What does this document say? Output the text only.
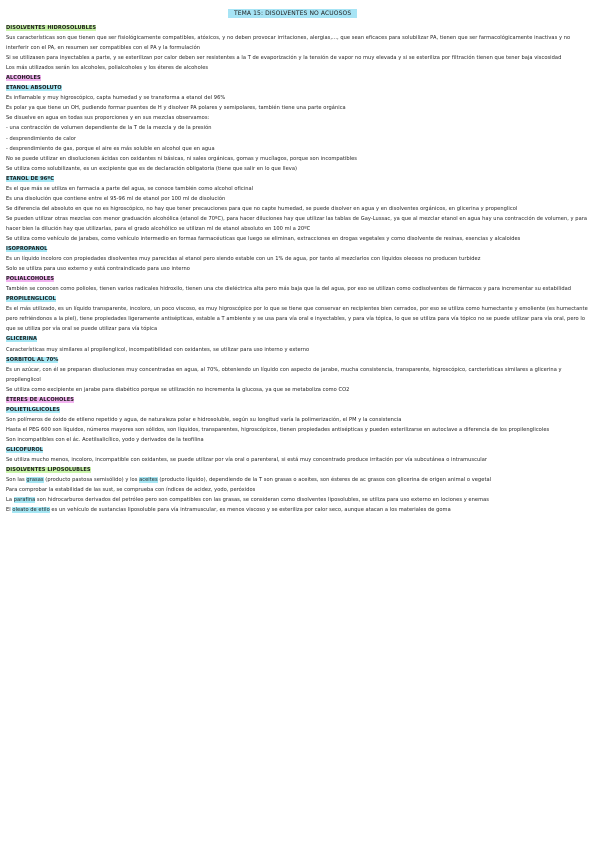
TEMA 15: DISOLVENTES NO ACUOSOS
DISOLVENTES HIDROSOLUBLES
Sus características son que tienen que ser fisiológicamente compatibles, atóxicos, y no deben provocar irritaciones, alergias,..., que sean eficaces para solubilizar PA, tienen que ser farmacológicamente inactivas y no interferir con el PA, en resumen ser compatibles con el PA y la formulación
Si se utilizasen para inyectables a parte, y se esterilizan por calor deben ser resistentes a la T de evaporización y la tensión de vapor no muy elevada y si se esteriliza por filtración tienen que tener baja viscosidad
Los más utilizados serán los alcoholes, polialcoholes y los éteres de alcoholes
ALCOHOLES
ETANOL ABSOLUTO
Es inflamable y muy higroscópico, capta humedad y se transforma a etanol del 96%
Es polar ya que tiene un OH, pudiendo formar puentes de H y disolver PA polares y semipolares, también tiene una parte orgánica
Se disuelve en agua en todas sus proporciones y en sus mezclas observamos:
- una contracción de volumen dependiente de la T de la mezcla y de la presión
- desprendimiento de calor
- desprendimiento de gas, porque el aire es más soluble en alcohol que en agua
No se puede utilizar en disoluciones ácidas con oxidantes ni básicas, ni sales orgánicas, gomas y mucílagos, porque son incompatibles
Se utiliza como solubilizante, es un excipiente que es de declaración obligatoria (tiene que salir en lo que lleva)
ETANOL DE 96ºC
Es el que más se utiliza en farmacia a parte del agua, se conoce también como alcohol oficinal
Es una disolución que contiene entre el 95-96 ml de etanol por 100 ml de disolución
Se diferencia del absoluto en que no es higroscópico, no hay que tener precauciones para que no capte humedad, se puede disolver en agua y en disolventes orgánicos, en glicerina y propenglicol
Se pueden utilizar otras mezclas con menor graduación alcohólica (etanol de 70ºC), para hacer diluciones hay que utilizar las tablas de Gay-Lussac, ya que al mezclar etanol en agua hay una contracción de volumen, y para hacer bien la dilución hay que utilizarlas, para el grado alcohólico se utilizan ml de etanol absoluto en 100 ml a 20ºC
Se utiliza como vehículo de jarabes, como vehículo intermedio en formas farmacéuticas que luego se eliminan, extracciones en drogas vegetales y como disolvente de resinas, esencias y alcaloides
ISOPROPANOL
Es un líquido incoloro con propiedades disolventes muy parecidas al etanol pero siendo estable con un 1% de agua, por tanto al mezclarlos con líquidos oleosos no producen turbidez
Solo se utiliza para uso externo y está contraindicado para uso interno
POLIALCOHOLES
También se conocen como polioles, tienen varios radicales hidroxilo, tienen una cte dieléctrica alta pero más baja que la del agua, por eso se utilizan como codisolventes de fármacos y para incrementar su estabilidad
PROPILENGLICOL
Es el más utilizado, es un líquido transparente, incoloro, un poco viscoso, es muy higroscópico por lo que se tiene que conservar en recipientes bien cerrados, por eso se utiliza como humectante y emoliente (es humectante pero refriéndonos a la piel), tiene propiedades ligeramente antisépticas, estable a T ambiente y se usa para vía oral e inyectables, y para vía tópica, lo que se utiliza para vía tópico no se puede utilizar para vía oral, pero lo que se utiliza por vía oral se puede utilizar para vía tópica
GLICERINA
Características muy similares al propilenglicol, incompatibilidad con oxidantes, se utilizar para uso interno y externo
SORBITOL AL 70%
Es un azúcar, con él se preparan disoluciones muy concentradas en agua, al 70%, obteniendo un líquido con aspecto de jarabe, mucha consistencia, transparente, higroscópico, carcterísticas similares a glicerina y propilenglicol
Se utiliza como excipiente en jarabe para diabético porque se utilización no incrementa la glucosa, ya que se metaboliza como CO2
ÉTERES DE ALCOHOLES
POLIETILGLICOLES
Son polímeros de óxido de etileno repetido y agua, de naturaleza polar e hidrosoluble, según su longitud varía la polimerización, el PM y la consistencia
Hasta el PEG 600 son líquidos, números mayores son sólidos, son líquidos, transparentes, higroscópicos, tienen propiedades antisépticas y pueden esterilizarse en autoclave a diferencia de los propilenglicoles
Son incompatibles con el ác. Acetilsalicílico, yodo y derivados de la teofilina
GLICOFUROL
Se utiliza mucho menos, incoloro, incompatible con oxidantes, se puede utilizar por vía oral o parenteral, si está muy concentrado produce irritación por vía subcutánea o intramuscular
DISOLVENTES LIPOSOLUBLES
Son las grasas (producto pastosa semisólido) y los aceites (producto líquido), dependiendo de la T son grasas o aceites, son ésteres de ac grasos con glicerina de origen animal o vegetal
Para comprobar la estabilidad de las sust, se comprueba con índices de acidez, yodo, peróxidos
La parafina son hidrocarburos derivados del petróleo pero son compatibles con las grasas, se consideran como disolventes liposolubles, se utiliza para uso externo en lociones y enemas
El oleato de etilo es un vehículo de sustancias liposoluble para vía intramuscular, es menos viscoso y se esteriliza por calor seco, aunque atacan a los materiales de goma
